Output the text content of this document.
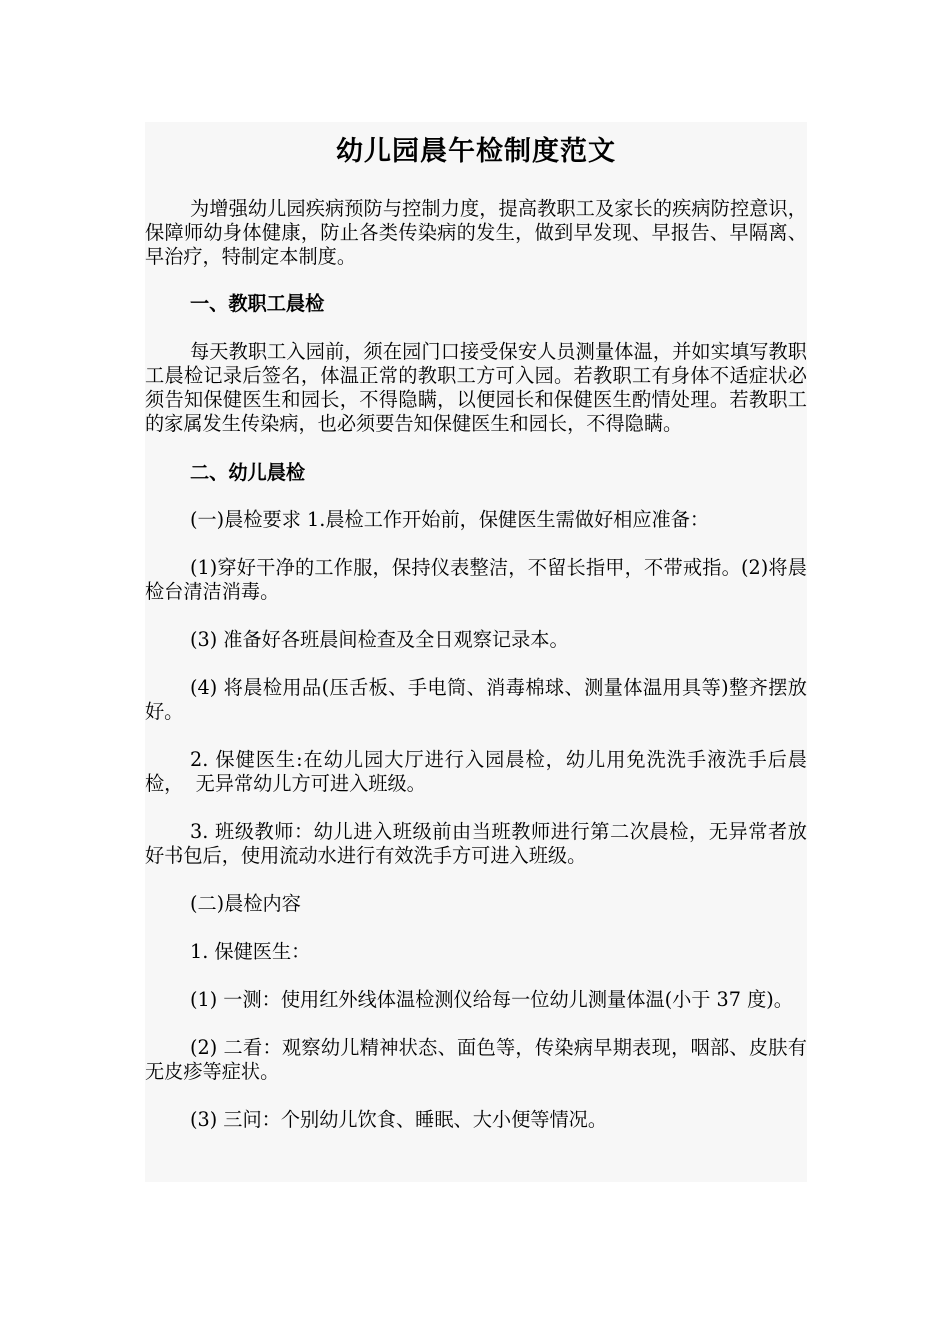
幼儿园晨午检制度范文

为增强幼儿园疾病预防与控制力度，提高教职工及家长的疾病防控意识，  保障师幼身体健康，防止各类传染病的发生，做到早发现、早报告、早隔离、早治疗，特制定本制度。

一、教职工晨检

每天教职工入园前，须在园门口接受保安人员测量体温，并如实填写教职工晨检记录后签名，体温正常的教职工方可入园。若教职工有身体不适症状必须告知保健医生和园长，不得隐瞒，以便园长和保健医生酌情处理。若教职工的家属发生传染病，也必须要告知保健医生和园长，不得隐瞒。

二、幼儿晨检

(一)晨检要求 1.晨检工作开始前，保健医生需做好相应准备：

(1)穿好干净的工作服，保持仪表整洁，不留长指甲，不带戒指。(2)将晨检台清洁消毒。

(3) 准备好各班晨间检查及全日观察记录本。

(4) 将晨检用品(压舌板、手电筒、消毒棉球、测量体温用具等)整齐摆放好。

2. 保健医生:在幼儿园大厅进行入园晨检，幼儿用免洗洗手液洗手后晨检，  无异常幼儿方可进入班级。

3. 班级教师：幼儿进入班级前由当班教师进行第二次晨检，无异常者放好书包后，使用流动水进行有效洗手方可进入班级。

(二)晨检内容

1. 保健医生：

(1) 一测：使用红外线体温检测仪给每一位幼儿测量体温(小于 37 度)。

(2) 二看：观察幼儿精神状态、面色等，传染病早期表现，咽部、皮肤有无皮疹等症状。

(3) 三问：个别幼儿饮食、睡眠、大小便等情况。
